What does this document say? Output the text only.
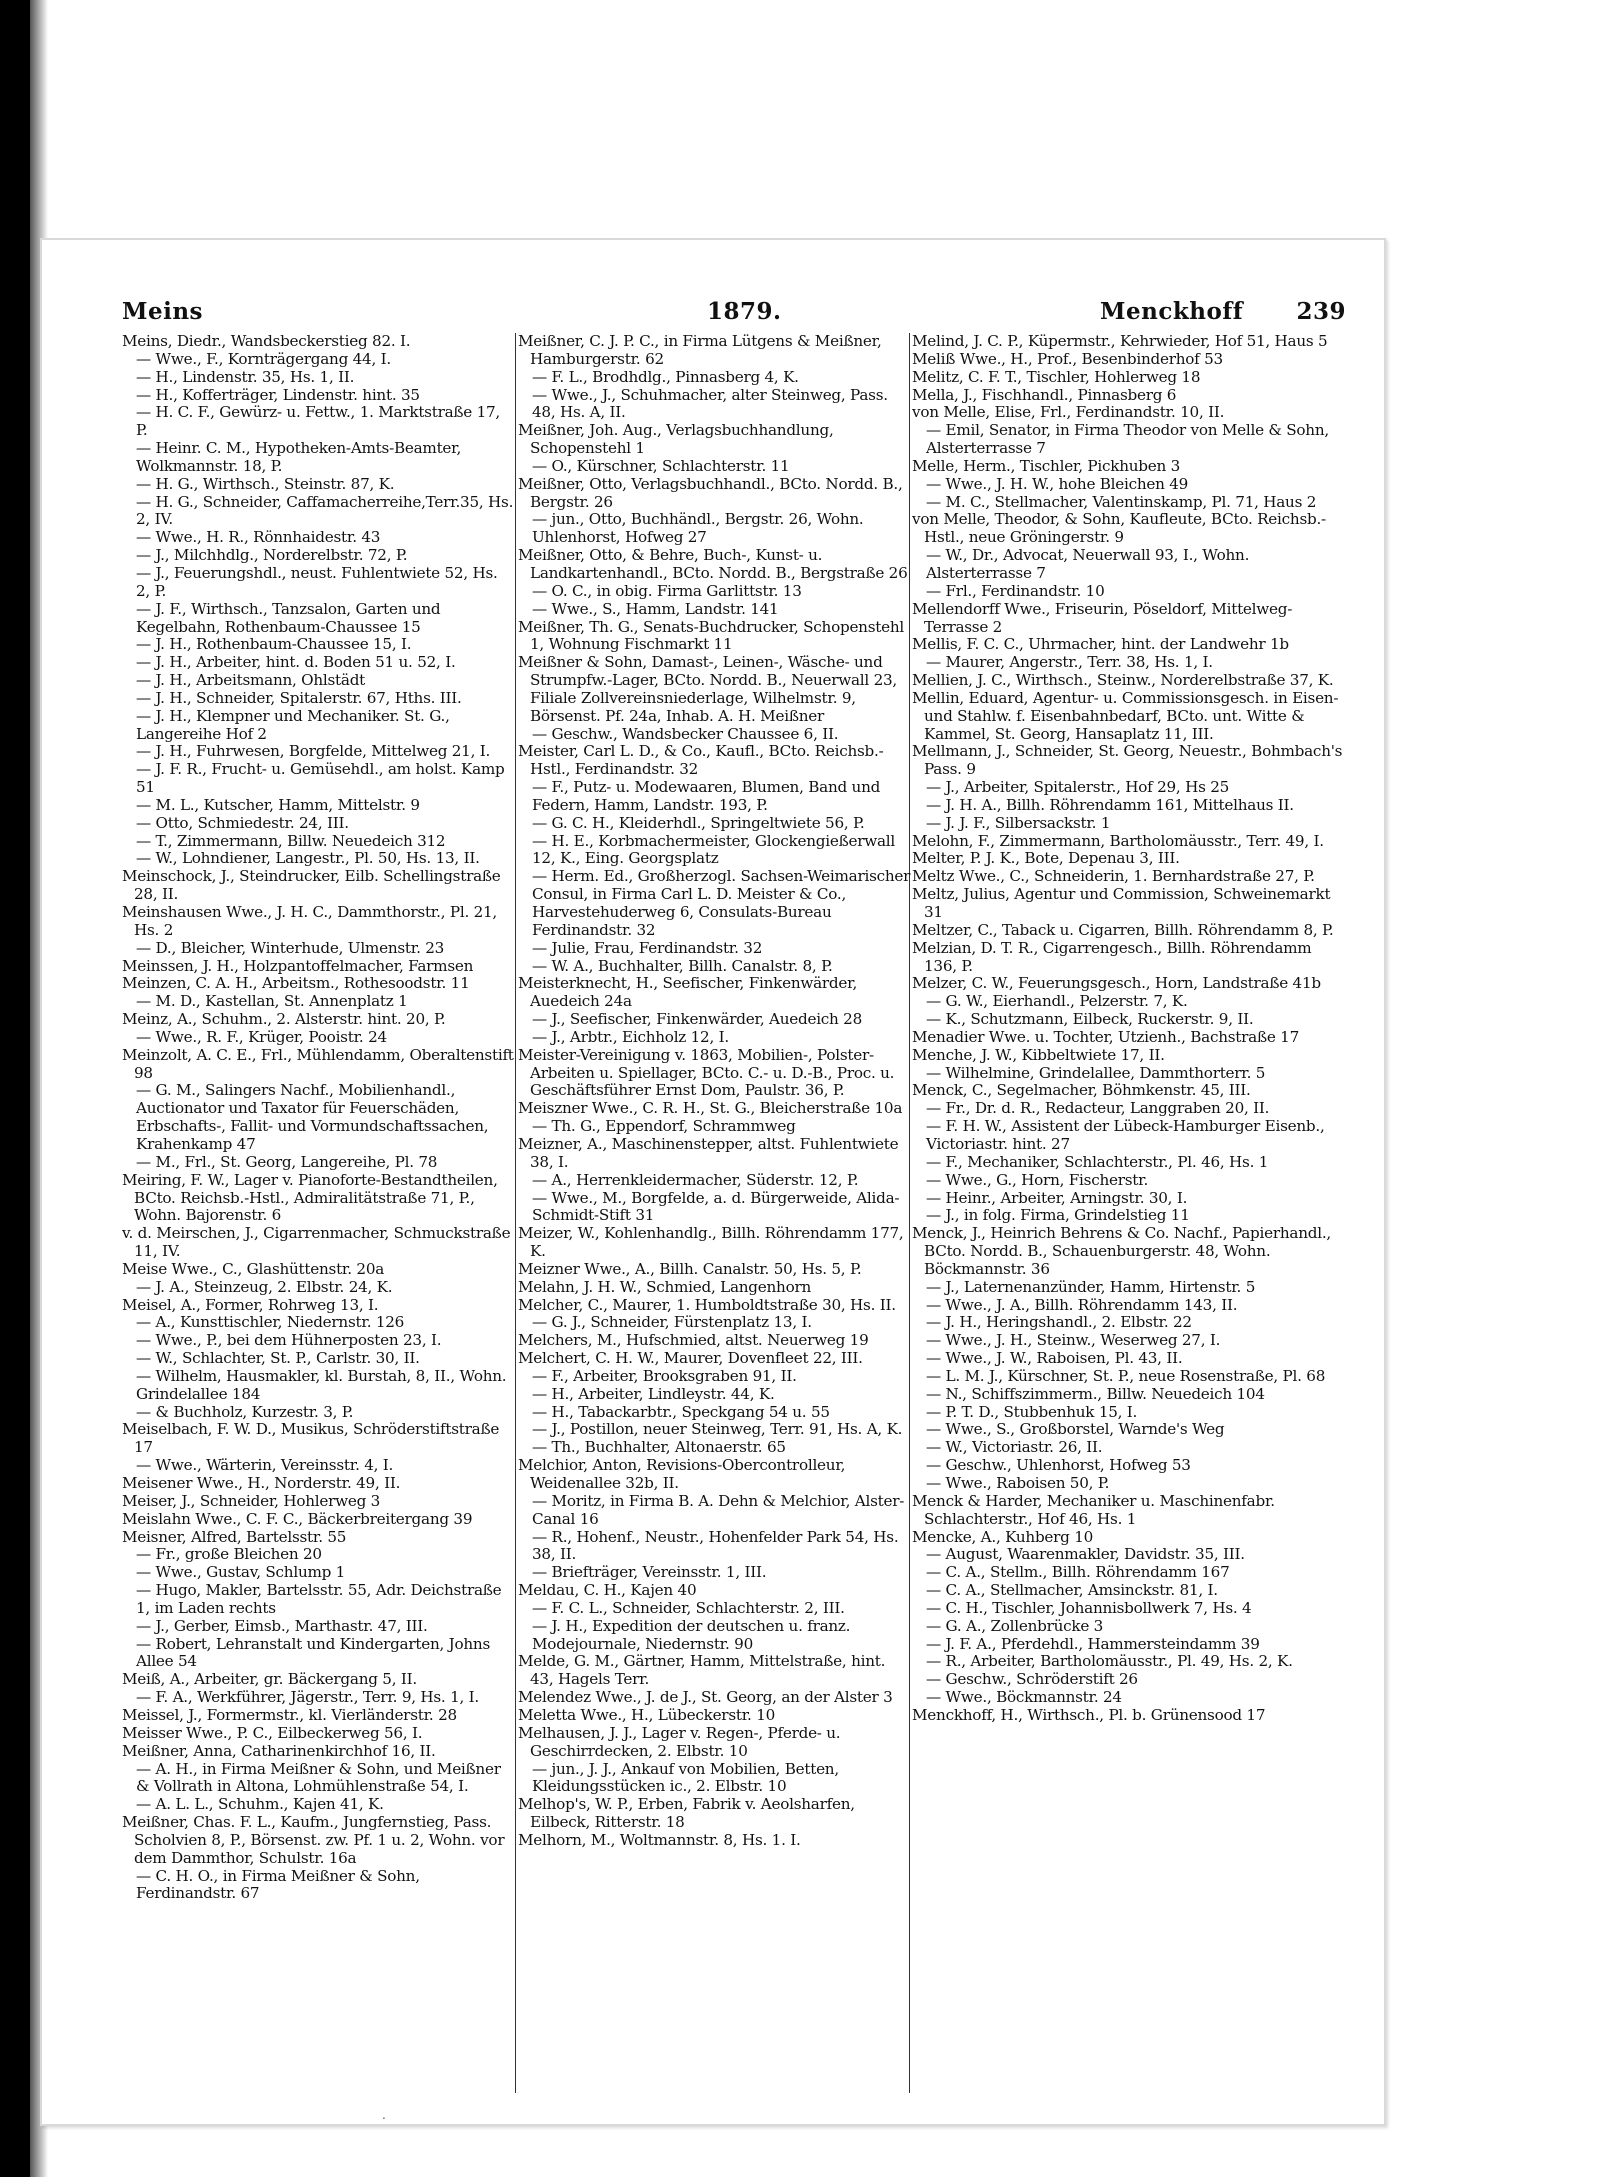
Meins	1879.	Menckhoff 239

Meins, Diedr., Wandsbeckerstieg 82. I.

— Wwe., F., Kornträgergang 44, I.

— H., Lindenstr. 35, Hs. 1, II.

— H., Kofferträger, Lindenstr. hint. 35

— H. C. F., Gewürz- u. Fettw., 1. Marktstraße 17, P.

— Heinr. C. M., Hypotheken-Amts-Beamter, Wolkmannstr. 18, P.

— H. G., Wirthsch., Steinstr. 87, K.

— H. G., Schneider, Caffamacherreihe,Terr.35, Hs. 2, IV.

— Wwe., H. R., Rönnhaidestr. 43

— J., Milchhdlg., Norderelbstr. 72, P.

— J., Feuerungshdl., neust. Fuhlentwiete 52, Hs. 2, P.

— J. F., Wirthsch., Tanzsalon, Garten und Kegelbahn, Rothenbaum-Chaussee 15

— J. H., Rothenbaum-Chaussee 15, I.

— J. H., Arbeiter, hint. d. Boden 51 u. 52, I.

— J. H., Arbeitsmann, Ohlstädt

— J. H., Schneider, Spitalerstr. 67, Hths. III.

— J. H., Klempner und Mechaniker. St. G., Langereihe Hof 2

— J. H., Fuhrwesen, Borgfelde, Mittelweg 21, I.

— J. F. R., Frucht- u. Gemüsehdl., am holst. Kamp 51

— M. L., Kutscher, Hamm, Mittelstr. 9

— Otto, Schmiedestr. 24, III.

— T., Zimmermann, Billw. Neuedeich 312

— W., Lohndiener, Langestr., Pl. 50, Hs. 13, II.

Meinschock, J., Steindrucker, Eilb. Schellingstraße 28, II.

Meinshausen Wwe., J. H. C., Dammthorstr., Pl. 21, Hs. 2

— D., Bleicher, Winterhude, Ulmenstr. 23

Meinssen, J. H., Holzpantoffelmacher, Farmsen

Meinzen, C. A. H., Arbeitsm., Rothesoodstr. 11

— M. D., Kastellan, St. Annenplatz 1

Meinz, A., Schuhm., 2. Alsterstr. hint. 20, P.

— Wwe., R. F., Krüger, Pooistr. 24

Meinzolt, A. C. E., Frl., Mühlendamm, Oberaltenstift 98

— G. M., Salingers Nachf., Mobilienhandl., Auctionator und Taxator für Feuerschäden, Erbschafts-, Fallit- und Vormundschaftssachen, Krahenkamp 47

— M., Frl., St. Georg, Langereihe, Pl. 78

Meiring, F. W., Lager v. Pianoforte-Bestandtheilen, BCto. Reichsb.-Hstl., Admiralitätstraße 71, P., Wohn. Bajorenstr. 6

v. d. Meirschen, J., Cigarrenmacher, Schmuckstraße 11, IV.

Meise Wwe., C., Glashüttenstr. 20a

— J. A., Steinzeug, 2. Elbstr. 24, K.

Meisel, A., Former, Rohrweg 13, I.

— A., Kunsttischler, Niedernstr. 126

— Wwe., P., bei dem Hühnerposten 23, I.

— W., Schlachter, St. P., Carlstr. 30, II.

— Wilhelm, Hausmakler, kl. Burstah, 8, II., Wohn. Grindelallee 184

— & Buchholz, Kurzestr. 3, P.

Meiselbach, F. W. D., Musikus, Schröderstiftstraße 17

— Wwe., Wärterin, Vereinsstr. 4, I.

Meisener Wwe., H., Norderstr. 49, II.

Meiser, J., Schneider, Hohlerweg 3

Meislahn Wwe., C. F. C., Bäckerbreitergang 39

Meisner, Alfred, Bartelsstr. 55

— Fr., große Bleichen 20

— Wwe., Gustav, Schlump 1

— Hugo, Makler, Bartelsstr. 55, Adr. Deichstraße 1, im Laden rechts

— J., Gerber, Eimsb., Marthastr. 47, III.

— Robert, Lehranstalt und Kindergarten, Johns Allee 54

Meiß, A., Arbeiter, gr. Bäckergang 5, II.

— F. A., Werkführer, Jägerstr., Terr. 9, Hs. 1, I.

Meissel, J., Formermstr., kl. Vierländerstr. 28

Meisser Wwe., P. C., Eilbeckerweg 56, I.

Meißner, Anna, Catharinenkirchhof 16, II.

— A. H., in Firma Meißner & Sohn, und Meißner & Vollrath in Altona, Lohmühlenstraße 54, I.

— A. L. L., Schuhm., Kajen 41, K.

Meißner, Chas. F. L., Kaufm., Jungfernstieg, Pass. Scholvien 8, P., Börsenst. zw. Pf. 1 u. 2, Wohn. vor dem Dammthor, Schulstr. 16a

— C. H. O., in Firma Meißner & Sohn, Ferdinandstr. 67

Meißner, C. J. P. C., in Firma Lütgens & Meißner, Hamburgerstr. 62

— F. L., Brodhdlg., Pinnasberg 4, K.

— Wwe., J., Schuhmacher, alter Steinweg, Pass. 48, Hs. A, II.

Meißner, Joh. Aug., Verlagsbuchhandlung, Schopenstehl 1

— O., Kürschner, Schlachterstr. 11

Meißner, Otto, Verlagsbuchhandl., BCto. Nordd. B., Bergstr. 26

— jun., Otto, Buchhändl., Bergstr. 26, Wohn. Uhlenhorst, Hofweg 27

Meißner, Otto, & Behre, Buch-, Kunst- u. Landkartenhandl., BCto. Nordd. B., Bergstraße 26

— O. C., in obig. Firma Garlittstr. 13

— Wwe., S., Hamm, Landstr. 141

Meißner, Th. G., Senats-Buchdrucker, Schopenstehl 1, Wohnung Fischmarkt 11

Meißner & Sohn, Damast-, Leinen-, Wäsche- und Strumpfw.-Lager, BCto. Nordd. B., Neuerwall 23, Filiale Zollvereinsniederlage, Wilhelmstr. 9, Börsenst. Pf. 24a, Inhab. A. H. Meißner

— Geschw., Wandsbecker Chaussee 6, II.

Meister, Carl L. D., & Co., Kaufl., BCto. Reichsb.-Hstl., Ferdinandstr. 32

— F., Putz- u. Modewaaren, Blumen, Band und Federn, Hamm, Landstr. 193, P.

— G. C. H., Kleiderhdl., Springeltwiete 56, P.

— H. E., Korbmachermeister, Glockengießerwall 12, K., Eing. Georgsplatz

— Herm. Ed., Großherzogl. Sachsen-Weimarischer Consul, in Firma Carl L. D. Meister & Co., Harvestehuderweg 6, Consulats-Bureau Ferdinandstr. 32

— Julie, Frau, Ferdinandstr. 32

— W. A., Buchhalter, Billh. Canalstr. 8, P.

Meisterknecht, H., Seefischer, Finkenwärder, Auedeich 24a

— J., Seefischer, Finkenwärder, Auedeich 28

— J., Arbtr., Eichholz 12, I.

Meister-Vereinigung v. 1863, Mobilien-, Polster-Arbeiten u. Spiellager, BCto. C.- u. D.-B., Proc. u. Geschäftsführer Ernst Dom, Paulstr. 36, P.

Meiszner Wwe., C. R. H., St. G., Bleicherstraße 10a

— Th. G., Eppendorf, Schrammweg

Meizner, A., Maschinenstepper, altst. Fuhlentwiete 38, I.

— A., Herrenkleidermacher, Süderstr. 12, P.

— Wwe., M., Borgfelde, a. d. Bürgerweide, Alida-Schmidt-Stift 31

Meizer, W., Kohlenhandlg., Billh. Röhrendamm 177, K.

Meizner Wwe., A., Billh. Canalstr. 50, Hs. 5, P.

Melahn, J. H. W., Schmied, Langenhorn

Melcher, C., Maurer, 1. Humboldtstraße 30, Hs. II.

— G. J., Schneider, Fürstenplatz 13, I.

Melchers, M., Hufschmied, altst. Neuerweg 19

Melchert, C. H. W., Maurer, Dovenfleet 22, III.

— F., Arbeiter, Brooksgraben 91, II.

— H., Arbeiter, Lindleystr. 44, K.

— H., Tabackarbtr., Speckgang 54 u. 55

— J., Postillon, neuer Steinweg, Terr. 91, Hs. A, K.

— Th., Buchhalter, Altonaerstr. 65

Melchior, Anton, Revisions-Obercontrolleur, Weidenallee 32b, II.

— Moritz, in Firma B. A. Dehn & Melchior, Alster-Canal 16

— R., Hohenf., Neustr., Hohenfelder Park 54, Hs. 38, II.

— Briefträger, Vereinsstr. 1, III.

Meldau, C. H., Kajen 40

— F. C. L., Schneider, Schlachterstr. 2, III.

— J. H., Expedition der deutschen u. franz. Modejournale, Niedernstr. 90

Melde, G. M., Gärtner, Hamm, Mittelstraße, hint. 43, Hagels Terr.

Melendez Wwe., J. de J., St. Georg, an der Alster 3

Meletta Wwe., H., Lübeckerstr. 10

Melhausen, J. J., Lager v. Regen-, Pferde- u. Geschirrdecken, 2. Elbstr. 10

— jun., J. J., Ankauf von Mobilien, Betten, Kleidungsstücken ic., 2. Elbstr. 10

Melhop's, W. P., Erben, Fabrik v. Aeolsharfen, Eilbeck, Ritterstr. 18

Melhorn, M., Woltmannstr. 8, Hs. 1. I.

Melind, J. C. P., Küpermstr., Kehrwieder, Hof 51, Haus 5

Meliß Wwe., H., Prof., Besenbinderhof 53

Melitz, C. F. T., Tischler, Hohlerweg 18

Mella, J., Fischhandl., Pinnasberg 6

von Melle, Elise, Frl., Ferdinandstr. 10, II.

— Emil, Senator, in Firma Theodor von Melle & Sohn, Alsterterrasse 7

Melle, Herm., Tischler, Pickhuben 3

— Wwe., J. H. W., hohe Bleichen 49

— M. C., Stellmacher, Valentinskamp, Pl. 71, Haus 2

von Melle, Theodor, & Sohn, Kaufleute, BCto. Reichsb.-Hstl., neue Gröningerstr. 9

— W., Dr., Advocat, Neuerwall 93, I., Wohn. Alsterterrasse 7

— Frl., Ferdinandstr. 10

Mellendorff Wwe., Friseurin, Pöseldorf, Mittelweg-Terrasse 2

Mellis, F. C. C., Uhrmacher, hint. der Landwehr 1b

— Maurer, Angerstr., Terr. 38, Hs. 1, I.

Mellien, J. C., Wirthsch., Steinw., Norderelbstraße 37, K.

Mellin, Eduard, Agentur- u. Commissionsgesch. in Eisen- und Stahlw. f. Eisenbahnbedarf, BCto. unt. Witte & Kammel, St. Georg, Hansaplatz 11, III.

Mellmann, J., Schneider, St. Georg, Neuestr., Bohmbach's Pass. 9

— J., Arbeiter, Spitalerstr., Hof 29, Hs 25

— J. H. A., Billh. Röhrendamm 161, Mittelhaus II.

— J. J. F., Silbersackstr. 1

Melohn, F., Zimmermann, Bartholomäusstr., Terr. 49, I.

Melter, P. J. K., Bote, Depenau 3, III.

Meltz Wwe., C., Schneiderin, 1. Bernhardstraße 27, P.

Meltz, Julius, Agentur und Commission, Schweinemarkt 31

Meltzer, C., Taback u. Cigarren, Billh. Röhrendamm 8, P.

Melzian, D. T. R., Cigarrengesch., Billh. Röhrendamm 136, P.

Melzer, C. W., Feuerungsgesch., Horn, Landstraße 41b

— G. W., Eierhandl., Pelzerstr. 7, K.

— K., Schutzmann, Eilbeck, Ruckerstr. 9, II.

Menadier Wwe. u. Tochter, Utzienh., Bachstraße 17

Menche, J. W., Kibbeltwiete 17, II.

— Wilhelmine, Grindelallee, Dammthorterr. 5

Menck, C., Segelmacher, Böhmkenstr. 45, III.

— Fr., Dr. d. R., Redacteur, Langgraben 20, II.

— F. H. W., Assistent der Lübeck-Hamburger Eisenb., Victoriastr. hint. 27

— F., Mechaniker, Schlachterstr., Pl. 46, Hs. 1

— Wwe., G., Horn, Fischerstr.

— Heinr., Arbeiter, Arningstr. 30, I.

— J., in folg. Firma, Grindelstieg 11

Menck, J., Heinrich Behrens & Co. Nachf., Papierhandl., BCto. Nordd. B., Schauenburgerstr. 48, Wohn. Böckmannstr. 36

— J., Laternenanzünder, Hamm, Hirtenstr. 5

— Wwe., J. A., Billh. Röhrendamm 143, II.

— J. H., Heringshandl., 2. Elbstr. 22

— Wwe., J. H., Steinw., Weserweg 27, I.

— Wwe., J. W., Raboisen, Pl. 43, II.

— L. M. J., Kürschner, St. P., neue Rosenstraße, Pl. 68

— N., Schiffszimmerm., Billw. Neuedeich 104

— P. T. D., Stubbenhuk 15, I.

— Wwe., S., Großborstel, Warnde's Weg

— W., Victoriastr. 26, II.

— Geschw., Uhlenhorst, Hofweg 53

— Wwe., Raboisen 50, P.

Menck & Harder, Mechaniker u. Maschinenfabr. Schlachterstr., Hof 46, Hs. 1

Mencke, A., Kuhberg 10

— August, Waarenmakler, Davidstr. 35, III.

— C. A., Stellm., Billh. Röhrendamm 167

— C. A., Stellmacher, Amsinckstr. 81, I.

— C. H., Tischler, Johannisbollwerk 7, Hs. 4

— G. A., Zollenbrücke 3

— J. F. A., Pferdehdl., Hammersteindamm 39

— R., Arbeiter, Bartholomäusstr., Pl. 49, Hs. 2, K.

— Geschw., Schröderstift 26

— Wwe., Böckmannstr. 24

Menckhoff, H., Wirthsch., Pl. b. Grünensood 17

.
